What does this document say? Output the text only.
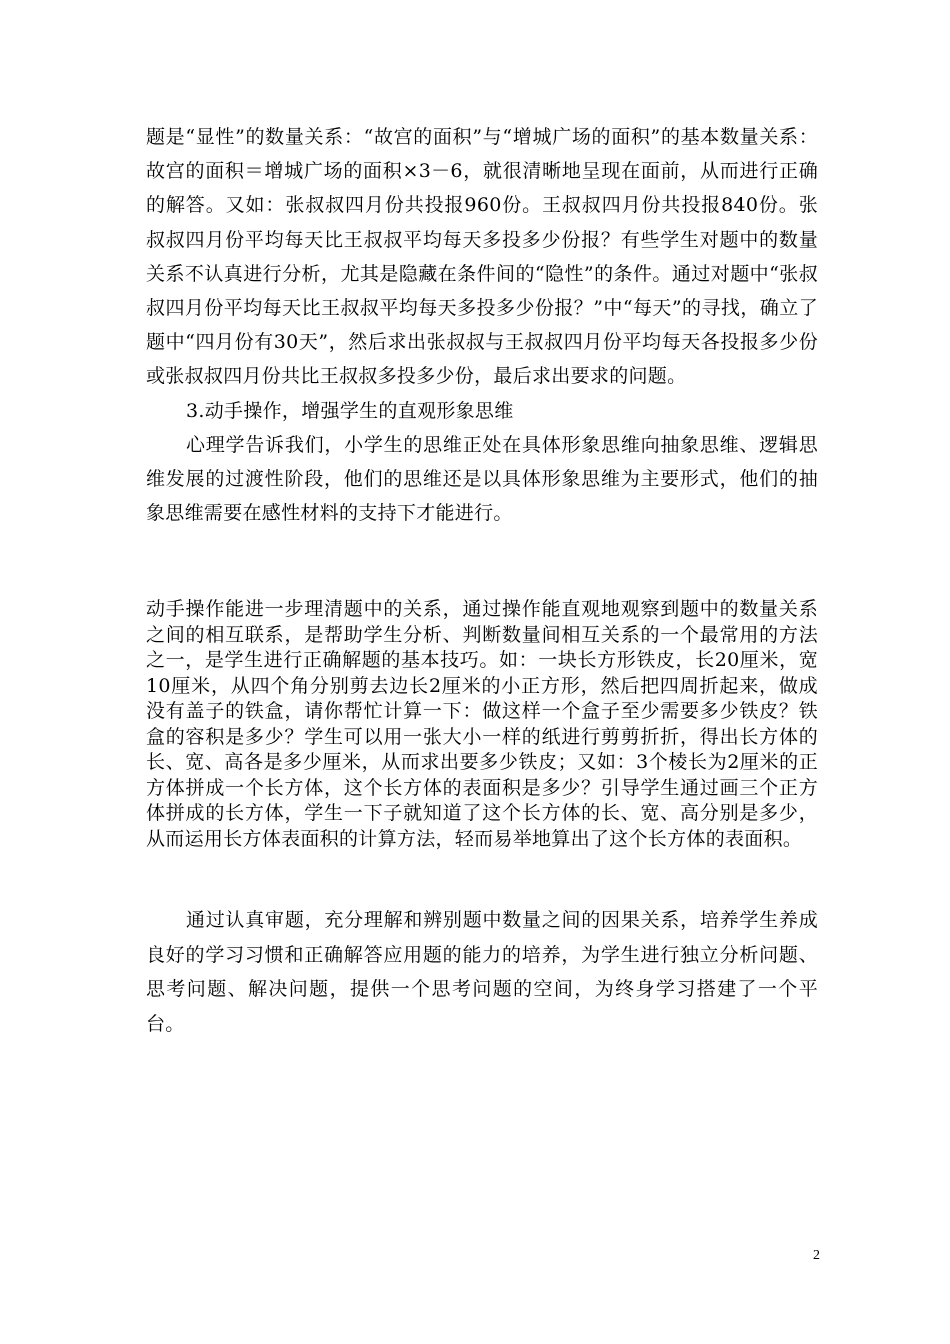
题是“显性”的数量关系：“故宫的面积”与“增城广场的面积”的基本数量关系：故宫的面积＝增城广场的面积×3－6，就很清晰地呈现在面前，从而进行正确的解答。又如：张叔叔四月份共投报960份。王叔叔四月份共投报840份。张叔叔四月份平均每天比王叔叔平均每天多投多少份报？有些学生对题中的数量关系不认真进行分析，尤其是隐藏在条件间的“隐性”的条件。通过对题中“张叔叔四月份平均每天比王叔叔平均每天多投多少份报？”中“每天”的寻找，确立了题中“四月份有30天”，然后求出张叔叔与王叔叔四月份平均每天各投报多少份或张叔叔四月份共比王叔叔多投多少份，最后求出要求的问题。

3.动手操作，增强学生的直观形象思维

心理学告诉我们，小学生的思维正处在具体形象思维向抽象思维、逻辑思维发展的过渡性阶段，他们的思维还是以具体形象思维为主要形式，他们的抽象思维需要在感性材料的支持下才能进行。

动手操作能进一步理清题中的关系，通过操作能直观地观察到题中的数量关系之间的相互联系，是帮助学生分析、判断数量间相互关系的一个最常用的方法之一，是学生进行正确解题的基本技巧。如：一块长方形铁皮，长20厘米，宽10厘米，从四个角分别剪去边长2厘米的小正方形，然后把四周折起来，做成没有盖子的铁盒，请你帮忙计算一下：做这样一个盒子至少需要多少铁皮？铁盒的容积是多少？学生可以用一张大小一样的纸进行剪剪折折，得出长方体的长、宽、高各是多少厘米，从而求出要多少铁皮；又如：3个棱长为2厘米的正方体拼成一个长方体，这个长方体的表面积是多少？引导学生通过画三个正方体拼成的长方体，学生一下子就知道了这个长方体的长、宽、高分别是多少，从而运用长方体表面积的计算方法，轻而易举地算出了这个长方体的表面积。

通过认真审题，充分理解和辨别题中数量之间的因果关系，培养学生养成良好的学习习惯和正确解答应用题的能力的培养，为学生进行独立分析问题、思考问题、解决问题，提供一个思考问题的空间，为终身学习搭建了一个平台。

2
